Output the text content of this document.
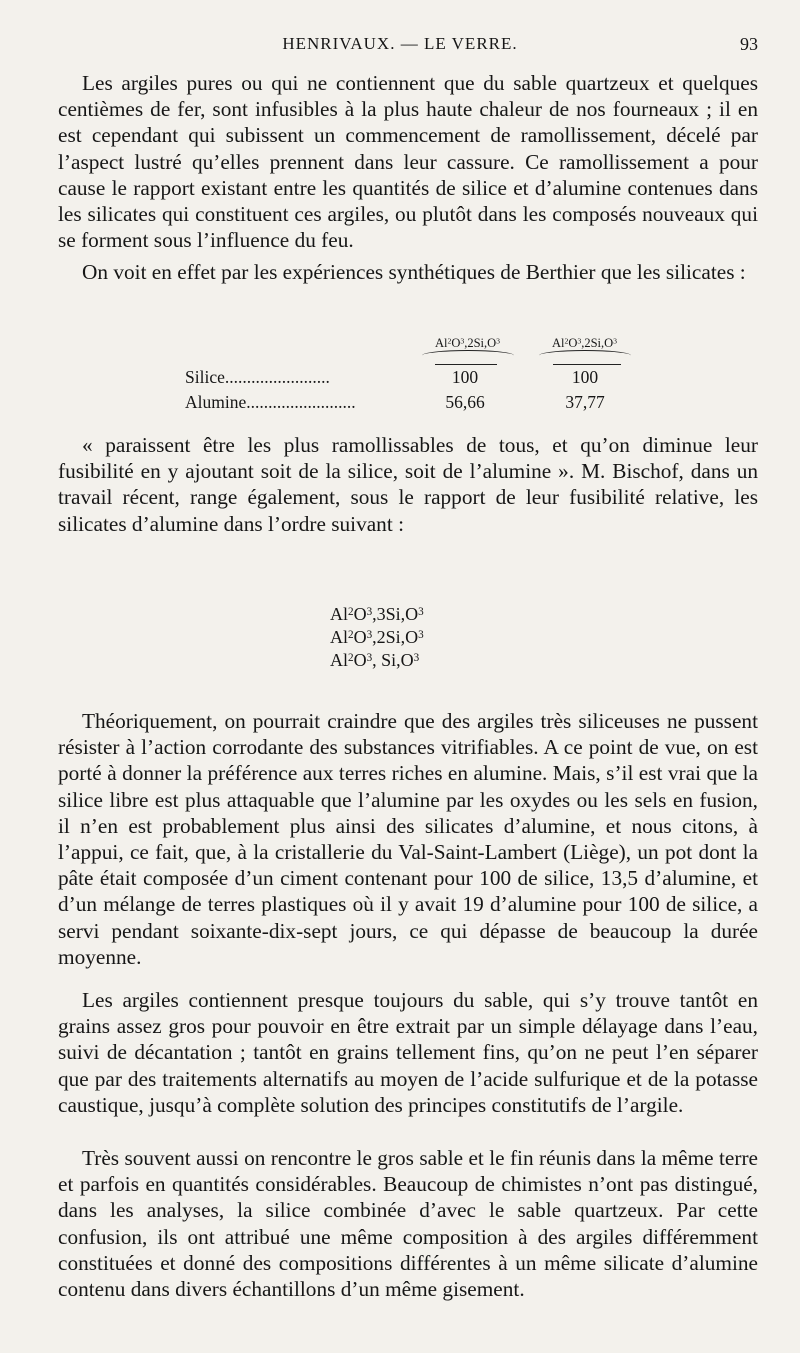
HENRIVAUX. — LE VERRE.	93

Les argiles pures ou qui ne contiennent que du sable quartzeux et quelques centièmes de fer, sont infusibles à la plus haute chaleur de nos fourneaux ; il en est cependant qui subissent un commencement de ramollissement, décelé par l’aspect lustré qu’elles prennent dans leur cassure. Ce ramollissement a pour cause le rapport existant entre les quantités de silice et d’alumine contenues dans les silicates qui constituent ces argiles, ou plutôt dans les composés nouveaux qui se forment sous l’influence du feu.

On voit en effet par les expériences synthétiques de Berthier que les silicates :

$Al^2O^3,2Si,O^3$	$Al^2O^3,2Si,O^3$
Silice........................	100	100
Alumine.........................	56,66	37,77

« paraissent être les plus ramollissables de tous, et qu’on diminue leur fusibilité en y ajoutant soit de la silice, soit de l’alumine ». M. Bischof, dans un travail récent, range également, sous le rapport de leur fusibilité relative, les silicates d’alumine dans l’ordre suivant :

$Al^2O^3,3Si,O^3$
$Al^2O^3,2Si,O^3$
$Al^2O^3$, $Si,O^3$

Théoriquement, on pourrait craindre que des argiles très siliceuses ne pussent résister à l’action corrodante des substances vitrifiables. A ce point de vue, on est porté à donner la préférence aux terres riches en alumine. Mais, s’il est vrai que la silice libre est plus attaquable que l’alumine par les oxydes ou les sels en fusion, il n’en est probablement plus ainsi des silicates d’alumine, et nous citons, à l’appui, ce fait, que, à la cristallerie du Val-Saint-Lambert (Liège), un pot dont la pâte était composée d’un ciment contenant pour 100 de silice, 13,5 d’alumine, et d’un mélange de terres plastiques où il y avait 19 d’alumine pour 100 de silice, a servi pendant soixante-dix-sept jours, ce qui dépasse de beaucoup la durée moyenne.

Les argiles contiennent presque toujours du sable, qui s’y trouve tantôt en grains assez gros pour pouvoir en être extrait par un simple délayage dans l’eau, suivi de décantation ; tantôt en grains tellement fins, qu’on ne peut l’en séparer que par des traitements alternatifs au moyen de l’acide sulfurique et de la potasse caustique, jusqu’à complète solution des principes constitutifs de l’argile.

Très souvent aussi on rencontre le gros sable et le fin réunis dans la même terre et parfois en quantités considérables. Beaucoup de chimistes n’ont pas distingué, dans les analyses, la silice combinée d’avec le sable quartzeux. Par cette confusion, ils ont attribué une même composition à des argiles différemment constituées et donné des compositions différentes à un même silicate d’alumine contenu dans divers échantillons d’un même gisement.
